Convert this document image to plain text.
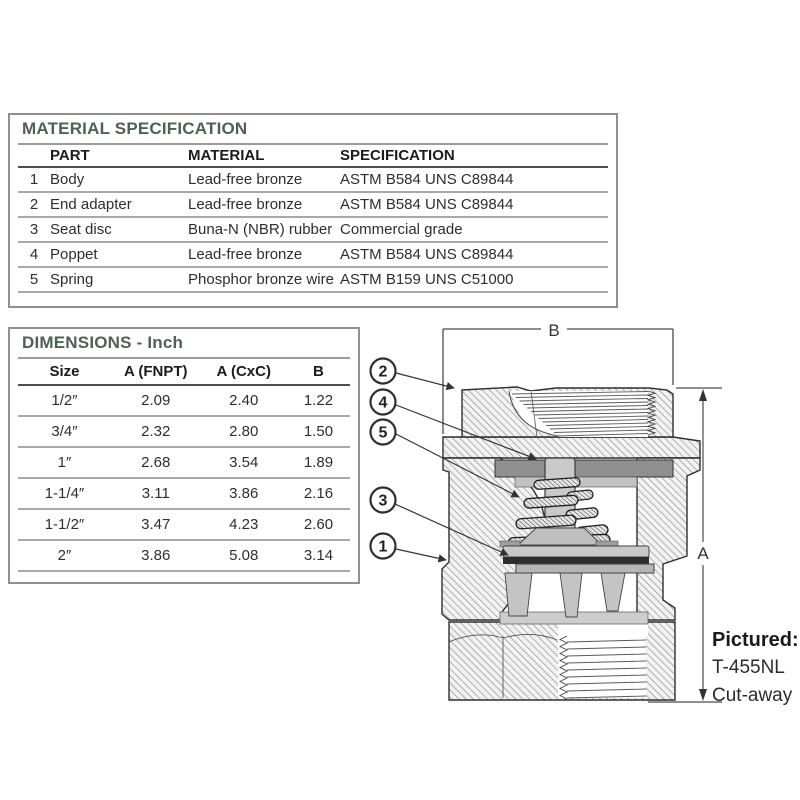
MATERIAL SPECIFICATION
	PART	MATERIAL	SPECIFICATION
1	Body	Lead-free bronze	ASTM B584 UNS C89844
2	End adapter	Lead-free bronze	ASTM B584 UNS C89844
3	Seat disc	Buna-N (NBR) rubber	Commercial grade
4	Poppet	Lead-free bronze	ASTM B584 UNS C89844
5	Spring	Phosphor bronze wire	ASTM B159 UNS C51000
DIMENSIONS - Inch
Size	A (FNPT)	A (CxC)	B
1/2″	2.09	2.40	1.22
3/4″	2.32	2.80	1.50
1″	2.68	3.54	1.89
1-1/4″	3.11	3.86	2.16
1-1/2″	3.47	4.23	2.60
2″	3.86	5.08	3.14
B
A
2
4
5
3
1
Pictured:
T-455NL
Cut-away
